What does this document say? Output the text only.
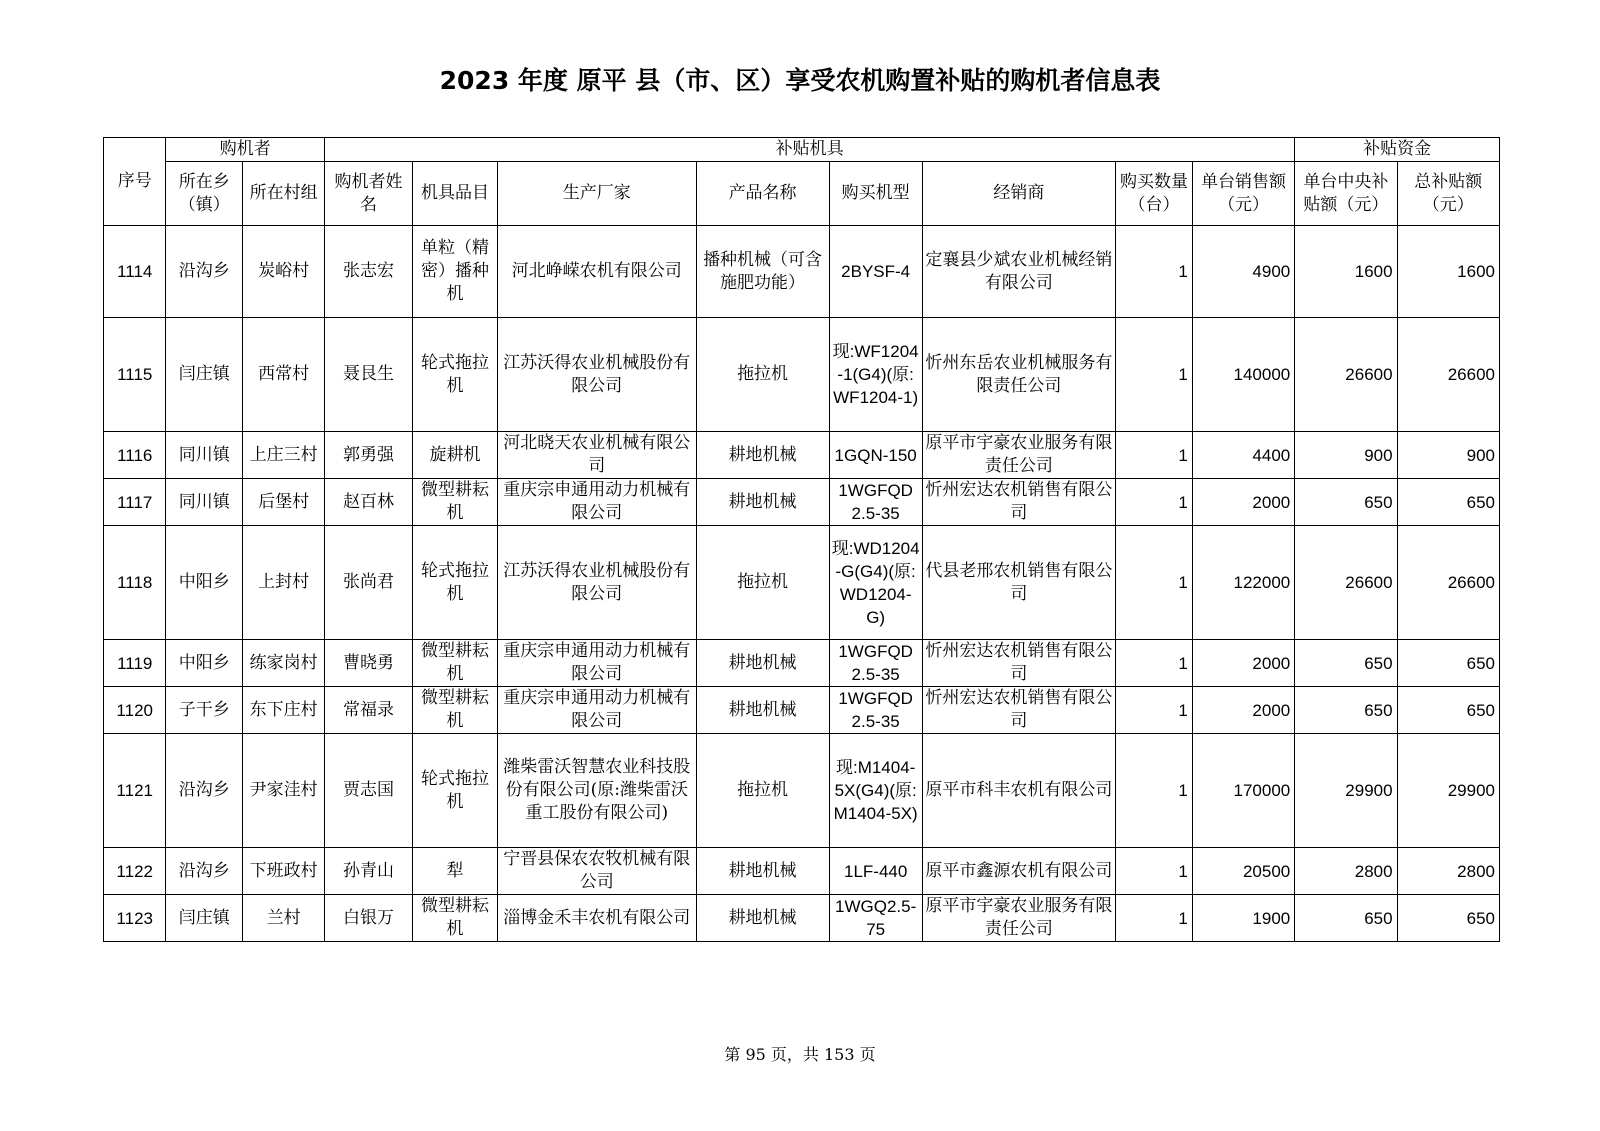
2023 年度 原平 县（市、区）享受农机购置补贴的购机者信息表
序号	购机者		补贴机具								补贴资金	
	所在乡（镇）	所在村组	购机者姓名	机具品目	生产厂家	产品名称	购买机型	经销商	购买数量（台）	单台销售额（元）	单台中央补贴额（元）	总补贴额（元）
1114	沿沟乡	炭峪村	张志宏	单粒（精密）播种机	河北峥嵘农机有限公司	播种机械（可含施肥功能）	2BYSF-4	定襄县少斌农业机械经销有限公司	1	4900	1600	1600
1115	闫庄镇	西常村	聂艮生	轮式拖拉机	江苏沃得农业机械股份有限公司	拖拉机	现:WF1204-1(G4)(原:WF1204-1)	忻州东岳农业机械服务有限责任公司	1	140000	26600	26600
1116	同川镇	上庄三村	郭勇强	旋耕机	河北晓天农业机械有限公司	耕地机械	1GQN-150	原平市宇豪农业服务有限责任公司	1	4400	900	900
1117	同川镇	后堡村	赵百林	微型耕耘机	重庆宗申通用动力机械有限公司	耕地机械	1WGFQD2.5-35	忻州宏达农机销售有限公司	1	2000	650	650
1118	中阳乡	上封村	张尚君	轮式拖拉机	江苏沃得农业机械股份有限公司	拖拉机	现:WD1204-G(G4)(原:WD1204-G)	代县老邢农机销售有限公司	1	122000	26600	26600
1119	中阳乡	练家岗村	曹晓勇	微型耕耘机	重庆宗申通用动力机械有限公司	耕地机械	1WGFQD2.5-35	忻州宏达农机销售有限公司	1	2000	650	650
1120	子干乡	东下庄村	常福录	微型耕耘机	重庆宗申通用动力机械有限公司	耕地机械	1WGFQD2.5-35	忻州宏达农机销售有限公司	1	2000	650	650
1121	沿沟乡	尹家洼村	贾志国	轮式拖拉机	潍柴雷沃智慧农业科技股份有限公司(原:潍柴雷沃重工股份有限公司)	拖拉机	现:M1404-5X(G4)(原:M1404-5X)	原平市科丰农机有限公司	1	170000	29900	29900
1122	沿沟乡	下班政村	孙青山	犁	宁晋县保农农牧机械有限公司	耕地机械	1LF-440	原平市鑫源农机有限公司	1	20500	2800	2800
1123	闫庄镇	兰村	白银万	微型耕耘机	淄博金禾丰农机有限公司	耕地机械	1WGQ2.5-75	原平市宇豪农业服务有限责任公司	1	1900	650	650
第 95 页，共 153 页
